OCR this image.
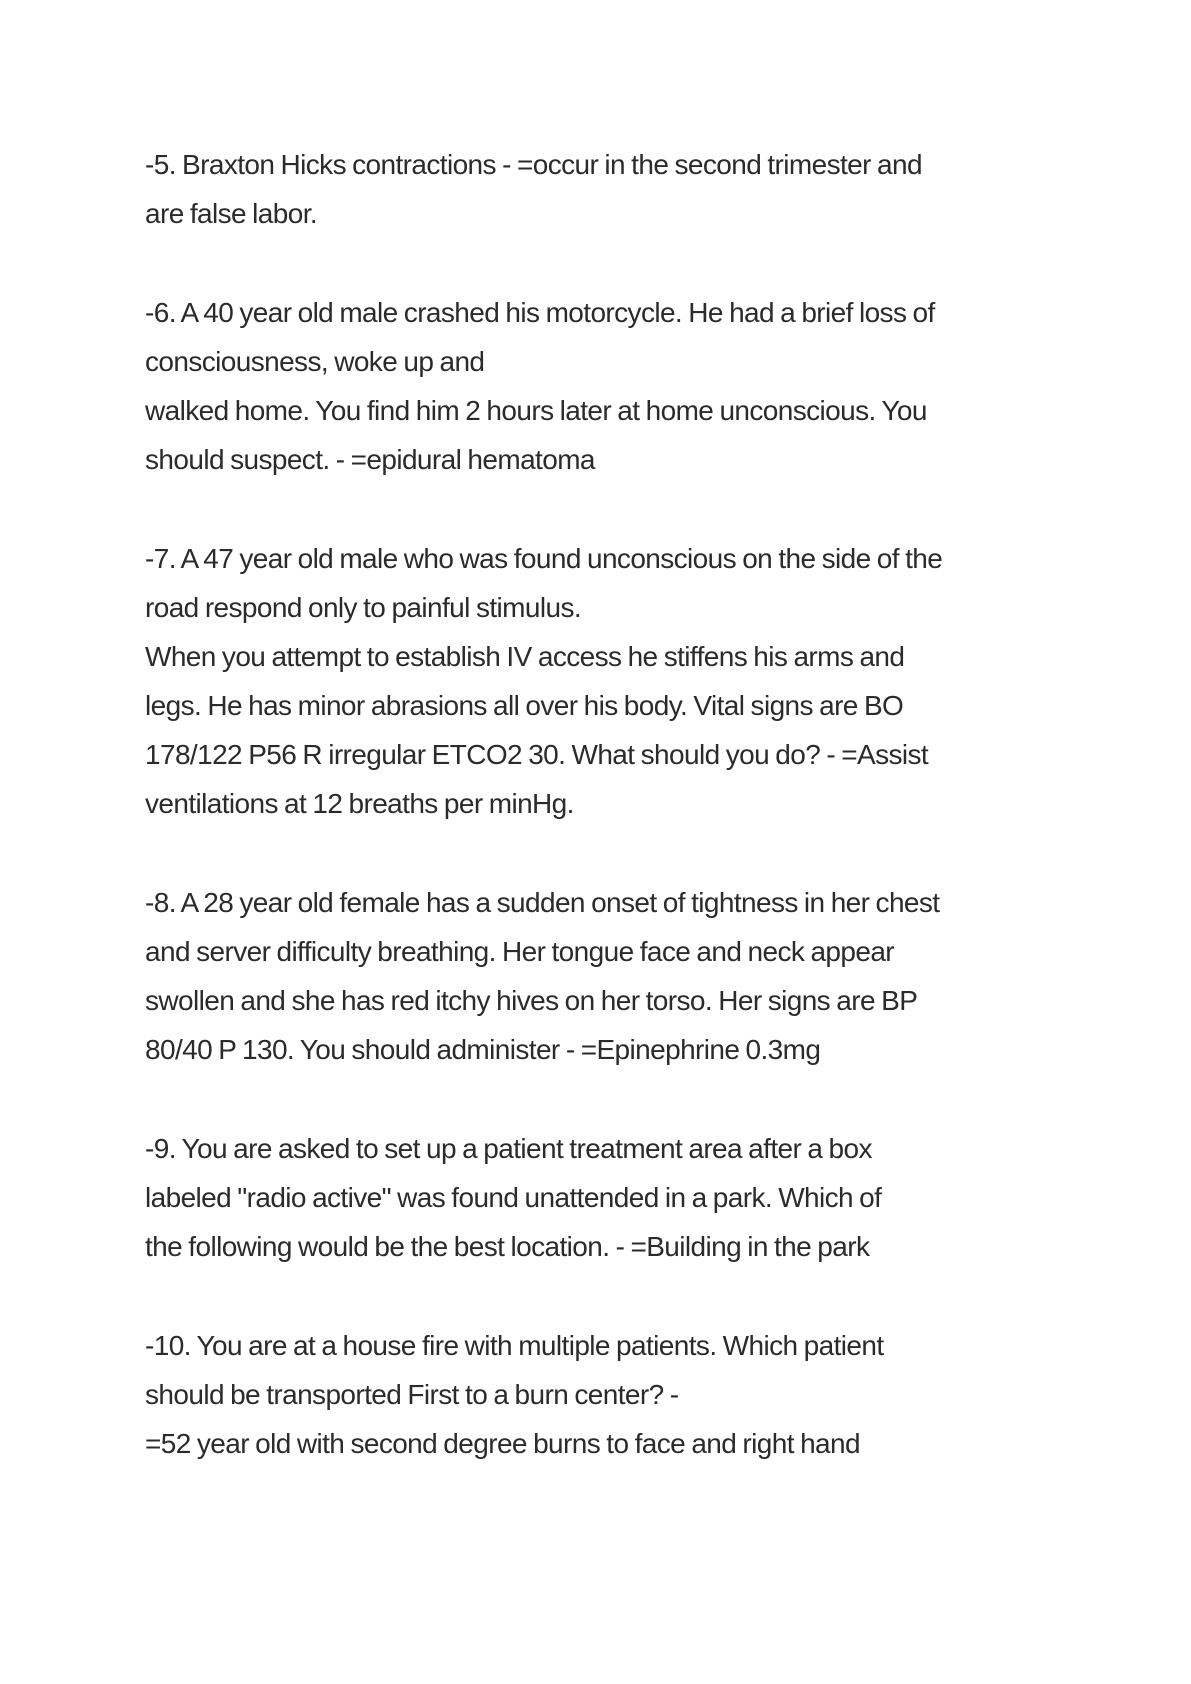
-5. Braxton Hicks contractions - =occur in the second trimester and
are false labor.
-6. A 40 year old male crashed his motorcycle. He had a brief loss of
consciousness, woke up and
walked home. You find him 2 hours later at home unconscious. You
should suspect. - =epidural hematoma
-7. A 47 year old male who was found unconscious on the side of the
road respond only to painful stimulus.
When you attempt to establish IV access he stiffens his arms and
legs. He has minor abrasions all over his body. Vital signs are BO
178/122 P56 R irregular ETCO2 30. What should you do? - =Assist
ventilations at 12 breaths per minHg.
-8. A 28 year old female has a sudden onset of tightness in her chest
and server difficulty breathing. Her tongue face and neck appear
swollen and she has red itchy hives on her torso. Her signs are BP
80/40 P 130. You should administer - =Epinephrine 0.3mg
-9. You are asked to set up a patient treatment area after a box
labeled "radio active" was found unattended in a park. Which of
the following would be the best location. - =Building in the park
-10. You are at a house fire with multiple patients. Which patient
should be transported First to a burn center? -
=52 year old with second degree burns to face and right hand
